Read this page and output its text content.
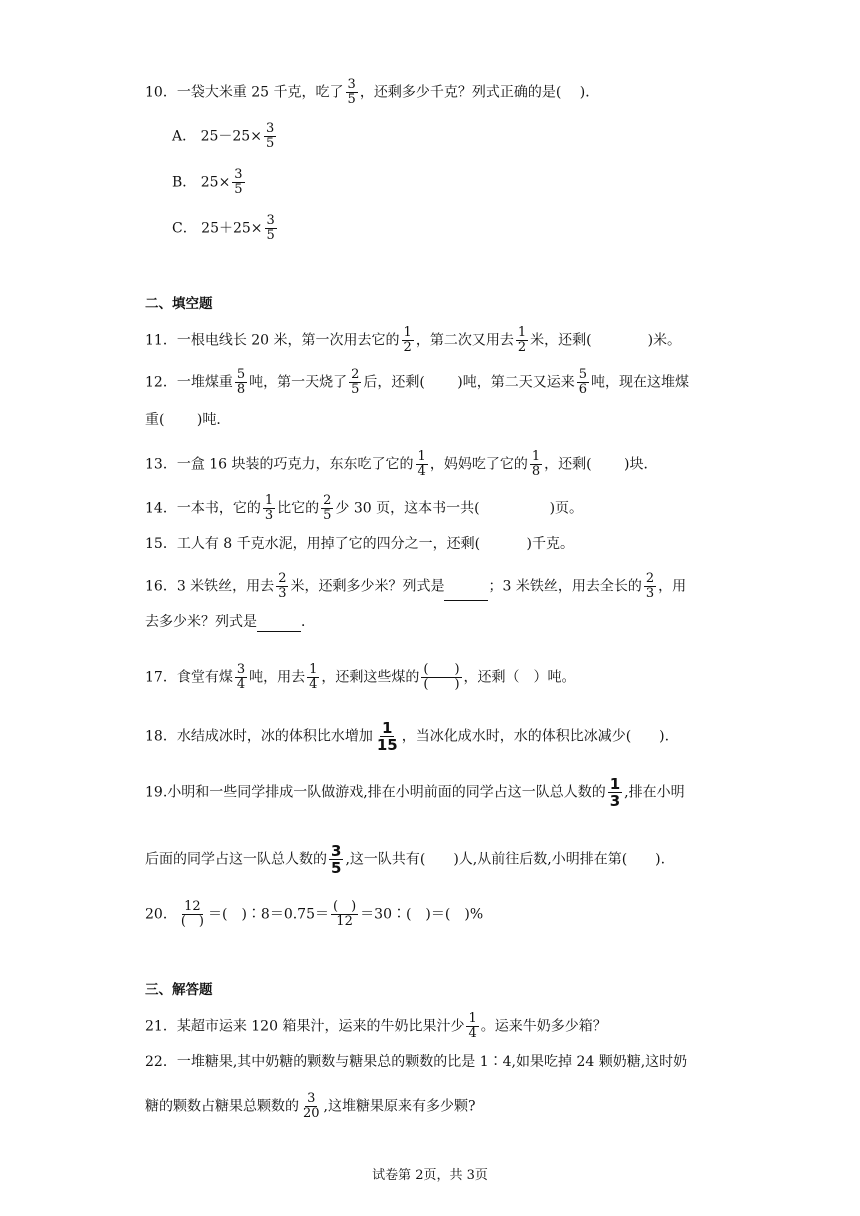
10．一袋大米重 25 千克，吃了 $\frac{3}{5}$ ，还剩多少千克？列式正确的是(　 )．
A． $25-25\times \frac{3}{5}$
B． $25\times \frac{3}{5}$
C． $25+25\times \frac{3}{5}$
二、填空题
11．一根电线长 20 米，第一次用去它的 $\frac{1}{2}$ ，第二次又用去 $\frac{1}{2}$ 米，还剩(　　　　)米。
12．一堆煤重 $\frac{5}{8}$ 吨，第一天烧了 $\frac{2}{5}$ 后，还剩(　　 )吨，第二天又运来 $\frac{5}{6}$ 吨，现在这堆煤
重(　　 )吨．
13．一盒 16 块装的巧克力，东东吃了它的 $\frac{1}{4}$ ，妈妈吃了它的 $\frac{1}{8}$ ，还剩(　　 )块．
14．一本书，它的 $\frac{1}{3}$ 比它的 $\frac{2}{5}$ 少 30 页，这本书一共(　　　　　)页。
15．工人有 8 千克水泥，用掉了它的四分之一，还剩(　　　 )千克。
16．3 米铁丝，用去 $\frac{2}{3}$ 米，还剩多少米？列式是	；3 米铁丝，用去全长的 $\frac{2}{3}$ ，用
去多少米？列式是	．
17．食堂有煤 $\frac{3}{4}$ 吨，用去 $\frac{1}{4}$ ，还剩这些煤的 $\frac{( )}{( )}$ ，还剩（　）吨。
18．水结成冰时，冰的体积比水增加 $\frac{1}{15}$ ，当冰化成水时，水的体积比冰减少(　　).
19.小明和一些同学排成一队做游戏,排在小明前面的同学占这一队总人数的 $\frac{1}{3}$ ,排在小明
后面的同学占这一队总人数的 $\frac{3}{5}$ ,这一队共有(　　)人,从前往后数,小明排在第(　　).
20． $\frac{12}{( )}$ ＝(　)∶8＝0.75＝ $\frac{( )}{12}$ ＝30∶(　)＝(　)%
三、解答题
21．某超市运来 120 箱果汁，运来的牛奶比果汁少 $\frac{1}{4}$ 。运来牛奶多少箱？
22．一堆糖果,其中奶糖的颗数与糖果总的颗数的比是 1∶4,如果吃掉 24 颗奶糖,这时奶
糖的颗数占糖果总颗数的 $\frac{3}{20}$ ,这堆糖果原来有多少颗?
试卷第 2页，共 3页
